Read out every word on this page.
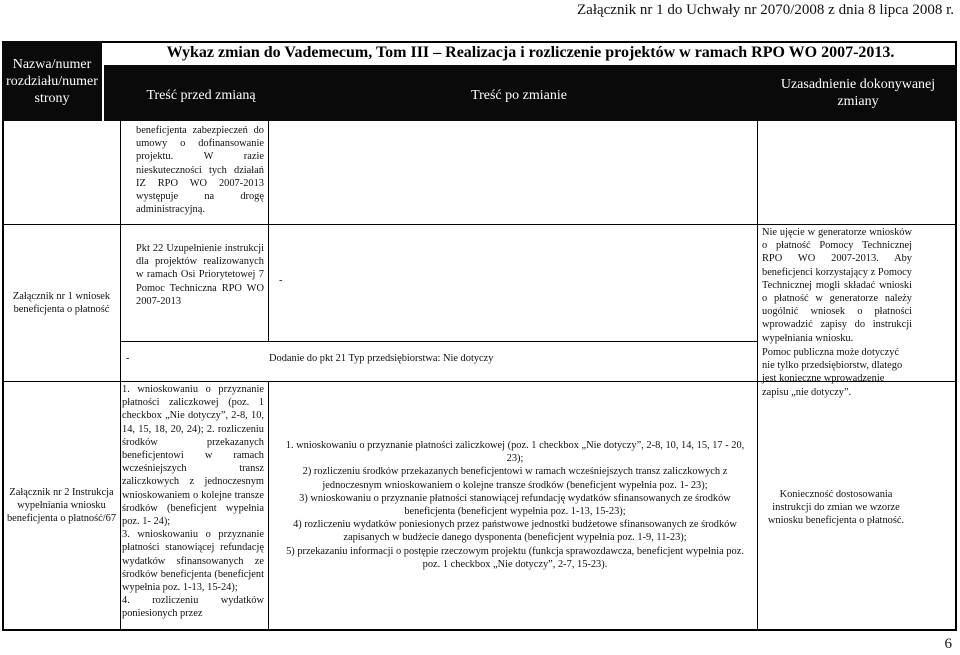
Załącznik nr 1 do Uchwały nr 2070/2008 z dnia 8 lipca 2008 r.
6
Nazwa/numer rozdziału/numer strony
Wykaz zmian do Vademecum, Tom III – Realizacja i rozliczenie projektów w ramach RPO WO 2007-2013.
Treść przed zmianą	Treść po zmianie
Uzasadnienie dokonywanej zmiany
beneficjenta zabezpieczeń do umowy o dofinansowanie projektu. W razie nieskuteczności tych działań IZ RPO WO 2007-2013 występuje na drogę administracyjną.
Załącznik nr 1 wniosek beneficjenta o płatność
Pkt 22 Uzupełnienie instrukcji dla projektów realizowanych w ramach Osi Priorytetowej 7 Pomoc Techniczna RPO WO 2007-2013
-
Nie ujęcie w generatorze wniosków o płatność Pomocy Technicznej RPO WO 2007-2013. Aby beneficjenci korzystający z Pomocy Technicznej mogli składać wnioski o płatność w generatorze należy uogólnić wniosek o płatności wprowadzić zapisy do instrukcji wypełniania wniosku.
-	Dodanie do pkt 21 Typ przedsiębiorstwa: Nie dotyczy
Pomoc publiczna może dotyczyć nie tylko przedsiębiorstw, dlatego jest konieczne wprowadzenie zapisu „nie dotyczy”.
Załącznik nr 2 Instrukcja wypełniania wniosku beneficjenta o płatność/67
1. wnioskowaniu o przyznanie płatności zaliczkowej (poz. 1 checkbox „Nie dotyczy”, 2-8, 10, 14, 15, 18, 20, 24); 2. rozliczeniu środków przekazanych beneficjentowi w ramach wcześniejszych transz zaliczkowych z jednoczesnym wnioskowaniem o kolejne transze środków (beneficjent wypełnia poz. 1- 24);
3. wnioskowaniu o przyznanie płatności stanowiącej refundację wydatków sfinansowanych ze środków beneficjenta (beneficjent wypełnia poz. 1-13, 15-24);
4. rozliczeniu wydatków poniesionych przez
1. wnioskowaniu o przyznanie płatności zaliczkowej (poz. 1 checkbox „Nie dotyczy”, 2-8, 10, 14, 15, 17 - 20, 23);
2) rozliczeniu środków przekazanych beneficjentowi w ramach wcześniejszych transz zaliczkowych z jednoczesnym wnioskowaniem o kolejne transze środków (beneficjent wypełnia poz. 1- 23);
3) wnioskowaniu o przyznanie płatności stanowiącej refundację wydatków sfinansowanych ze środków beneficjenta (beneficjent wypełnia poz. 1-13, 15-23);
4) rozliczeniu wydatków poniesionych przez państwowe jednostki budżetowe sfinansowanych ze środków zapisanych w budżecie danego dysponenta (beneficjent wypełnia poz. 1-9, 11-23);
5) przekazaniu informacji o postępie rzeczowym projektu (funkcja sprawozdawcza, beneficjent wypełnia poz. poz. 1 checkbox „Nie dotyczy”, 2-7, 15-23).
Konieczność dostosowania instrukcji do zmian we wzorze wniosku beneficjenta o płatność.
